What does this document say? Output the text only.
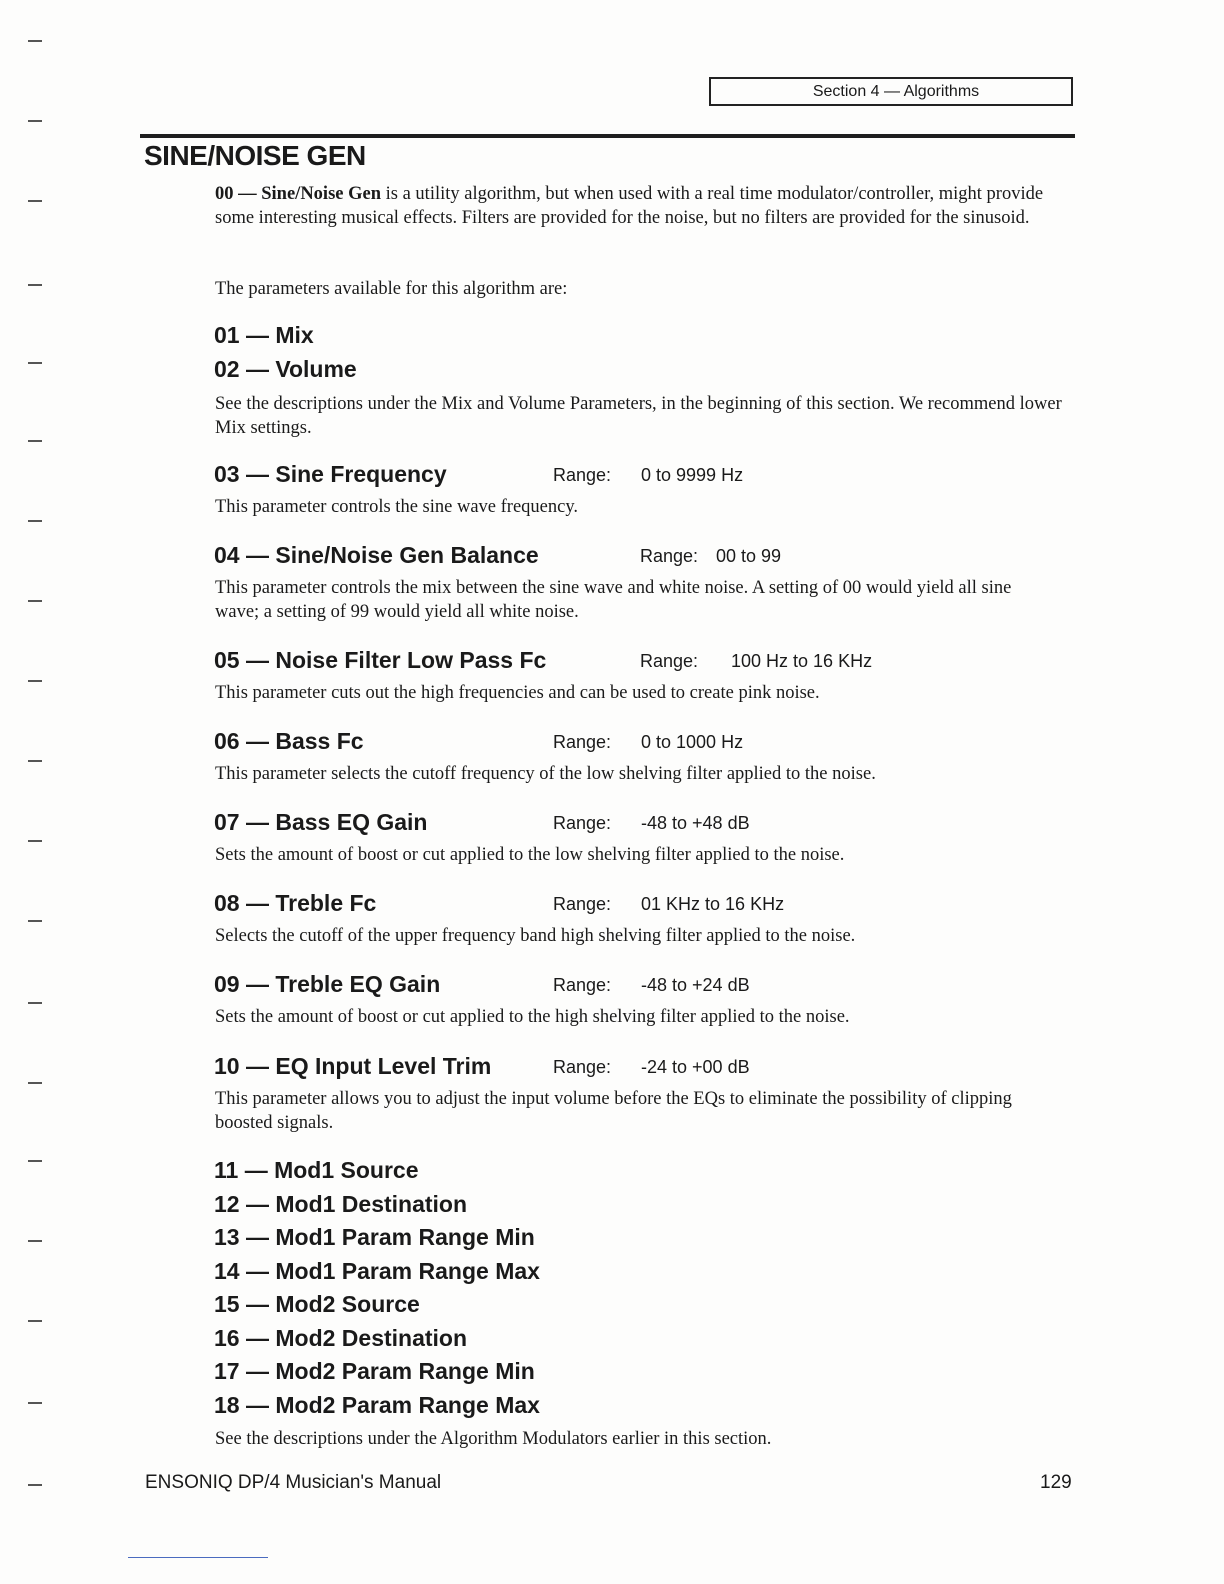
Section 4 — Algorithms
SINE/NOISE GEN
00 — Sine/Noise Gen is a utility algorithm, but when used with a real time modulator/controller, might provide some interesting musical effects. Filters are provided for the noise, but no filters are provided for the sinusoid.
The parameters available for this algorithm are:
01 — Mix
02 — Volume
See the descriptions under the Mix and Volume Parameters, in the beginning of this section. We recommend lower Mix settings.
03 — Sine Frequency	Range: 0 to 9999 Hz
This parameter controls the sine wave frequency.
04 — Sine/Noise Gen Balance	Range: 00 to 99
This parameter controls the mix between the sine wave and white noise. A setting of 00 would yield all sine wave; a setting of 99 would yield all white noise.
05 — Noise Filter Low Pass Fc	Range: 100 Hz to 16 KHz
This parameter cuts out the high frequencies and can be used to create pink noise.
06 — Bass Fc	Range: 0 to 1000 Hz
This parameter selects the cutoff frequency of the low shelving filter applied to the noise.
07 — Bass EQ Gain	Range: -48 to +48 dB
Sets the amount of boost or cut applied to the low shelving filter applied to the noise.
08 — Treble Fc	Range: 01 KHz to 16 KHz
Selects the cutoff of the upper frequency band high shelving filter applied to the noise.
09 — Treble EQ Gain	Range: -48 to +24 dB
Sets the amount of boost or cut applied to the high shelving filter applied to the noise.
10 — EQ Input Level Trim	Range: -24 to +00 dB
This parameter allows you to adjust the input volume before the EQs to eliminate the possibility of clipping boosted signals.
11 — Mod1 Source
12 — Mod1 Destination
13 — Mod1 Param Range Min
14 — Mod1 Param Range Max
15 — Mod2 Source
16 — Mod2 Destination
17 — Mod2 Param Range Min
18 — Mod2 Param Range Max
See the descriptions under the Algorithm Modulators earlier in this section.
ENSONIQ DP/4 Musician's Manual	129
